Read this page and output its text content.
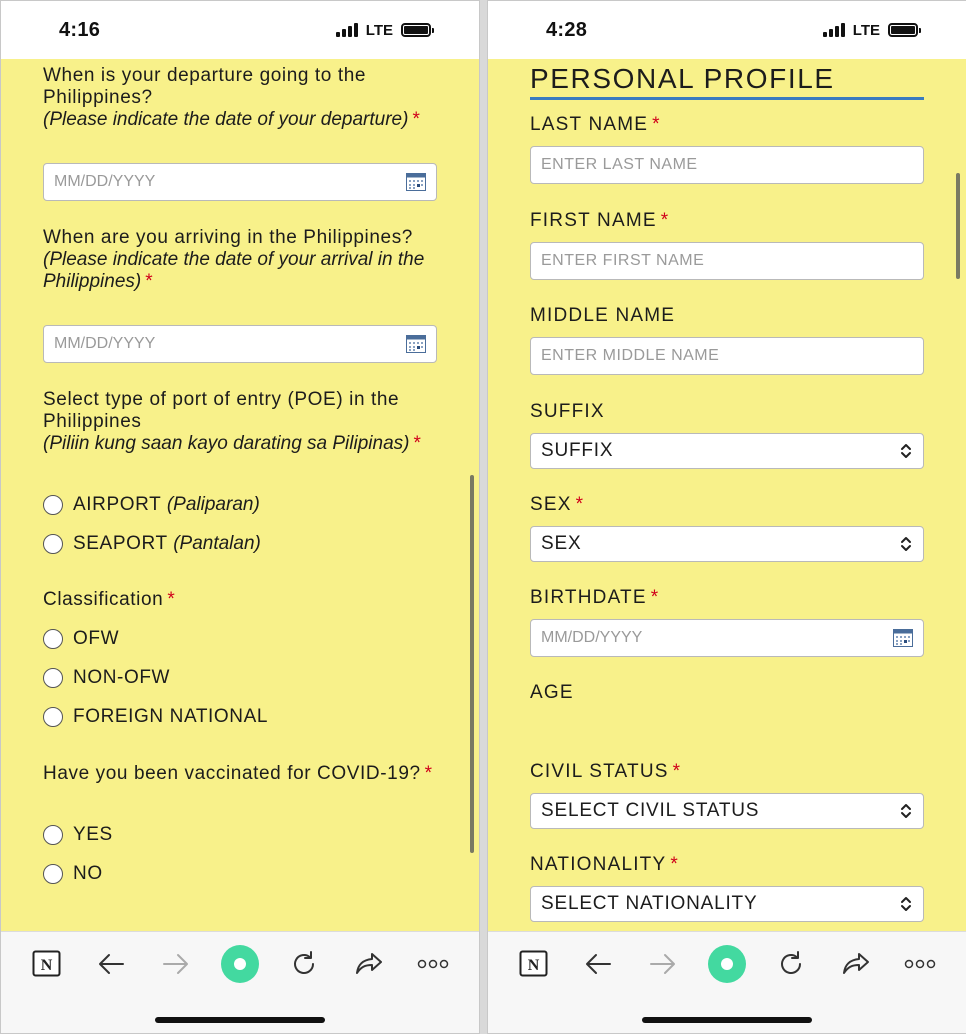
4:16	LTE
When is your departure going to the Philippines?
(Please indicate the date of your departure) *
MM/DD/YYYY
When are you arriving in the Philippines?
(Please indicate the date of your arrival in the Philippines) *
MM/DD/YYYY
Select type of port of entry (POE) in the Philippines
(Piliin kung saan kayo darating sa Pilipinas) *
AIRPORT (Paliparan)
SEAPORT (Pantalan)
Classification *
OFW
NON-OFW
FOREIGN NATIONAL
Have you been vaccinated for COVID-19? *
YES
NO
N
4:28	LTE
PERSONAL PROFILE
LAST NAME *
ENTER LAST NAME
FIRST NAME *
ENTER FIRST NAME
MIDDLE NAME
ENTER MIDDLE NAME
SUFFIX
SUFFIX
SEX *
SEX
BIRTHDATE *
MM/DD/YYYY
AGE
CIVIL STATUS *
SELECT CIVIL STATUS
NATIONALITY *
SELECT NATIONALITY
N
